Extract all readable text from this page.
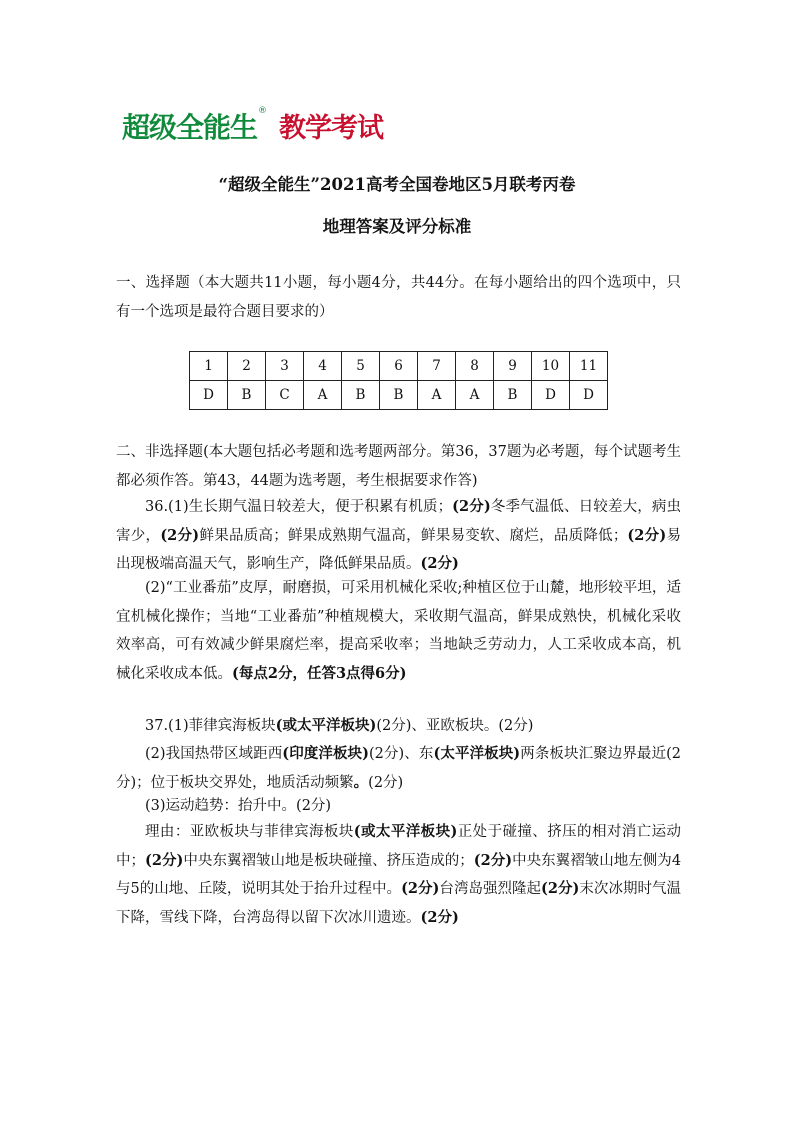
超级全能生®教学考试
“超级全能生”2021高考全国卷地区5月联考丙卷
地理答案及评分标准
一、选择题（本大题共11小题，每小题4分，共44分。在每小题给出的四个选项中，只有一个选项是最符合题目要求的）
1	2	3	4	5	6	7	8	9	10	11
D	B	C	A	B	B	A	A	B	D	D
二、非选择题(本大题包括必考题和选考题两部分。第36，37题为必考题，每个试题考生都必须作答。第43，44题为选考题，考生根据要求作答)
36.(1)生长期气温日较差大，便于积累有机质；(2分)冬季气温低、日较差大，病虫害少，(2分)鲜果品质高；鲜果成熟期气温高，鲜果易变软、腐烂，品质降低；(2分)易出现极端高温天气，影响生产，降低鲜果品质。(2分)
(2)“工业番茄”皮厚，耐磨损，可采用机械化采收;种植区位于山麓，地形较平坦，适宜机械化操作；当地“工业番茄”种植规模大，采收期气温高，鲜果成熟快，机械化采收效率高，可有效减少鲜果腐烂率，提高采收率；当地缺乏劳动力，人工采收成本高，机械化采收成本低。(每点2分，任答3点得6分)
37.(1)菲律宾海板块(或太平洋板块)(2分)、亚欧板块。(2分)
(2)我国热带区域距西(印度洋板块)(2分)、东(太平洋板块)两条板块汇聚边界最近(2分)；位于板块交界处，地质活动频繁。(2分)
(3)运动趋势：抬升中。(2分)
理由：亚欧板块与菲律宾海板块(或太平洋板块)正处于碰撞、挤压的相对消亡运动中；(2分)中央东翼褶皱山地是板块碰撞、挤压造成的；(2分)中央东翼褶皱山地左侧为4与5的山地、丘陵，说明其处于抬升过程中。(2分)台湾岛强烈隆起(2分)末次冰期时气温下降，雪线下降，台湾岛得以留下次冰川遗迹。(2分)
